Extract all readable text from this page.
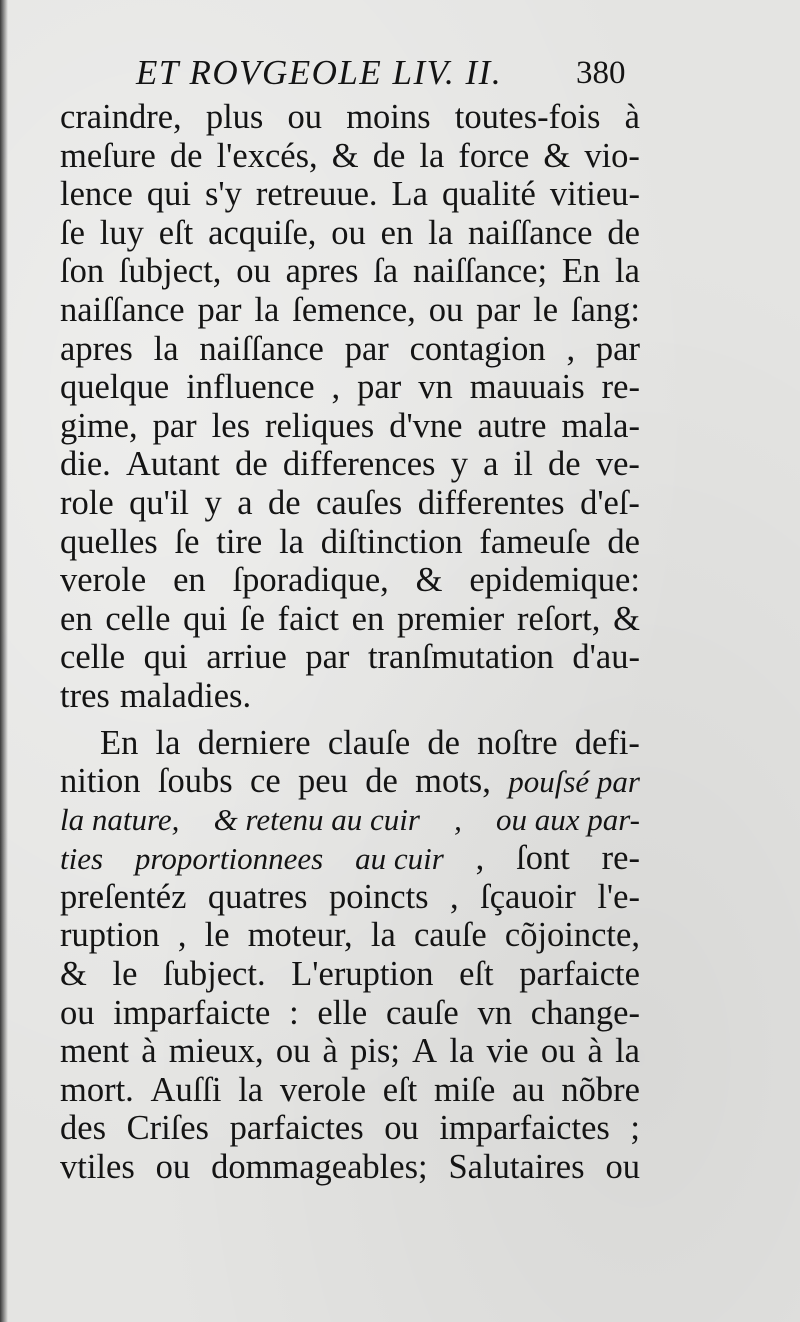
ET ROVGEOLE LIV. II.	380
craindre, plus ou moins toutes-fois à
meſure de l'excés, & de la force & vio-
lence qui s'y retreuue. La qualité vitieu-
ſe luy eſt acquiſe, ou en la naiſſance de
ſon ſubject, ou apres ſa naiſſance; En la
naiſſance par la ſemence, ou par le ſang:
apres la naiſſance par contagion , par
quelque influence , par vn mauuais re-
gime, par les reliques d'vne autre mala-
die. Autant de differences y a il de ve-
role qu'il y a de cauſes differentes d'eſ-
quelles ſe tire la diſtinction fameuſe de
verole en ſporadique, & epidemique:
en celle qui ſe faict en premier reſort, &
celle qui arriue par tranſmutation d'au-
tres maladies.
En la derniere clauſe de noſtre defi-
nition ſoubs ce peu de mots, pouſsé par
la nature, & retenu au cuir , ou aux par-
ties proportionnees au cuir , ſont re-
preſentéz quatres poincts , ſçauoir l'e-
ruption , le moteur, la cauſe cõjoincte,
& le ſubject. L'eruption eſt parfaicte
ou imparfaicte : elle cauſe vn change-
ment à mieux, ou à pis; A la vie ou à la
mort. Auſſi la verole eſt miſe au nõbre
des Criſes parfaictes ou imparfaictes ;
vtiles ou dommageables; Salutaires ou
